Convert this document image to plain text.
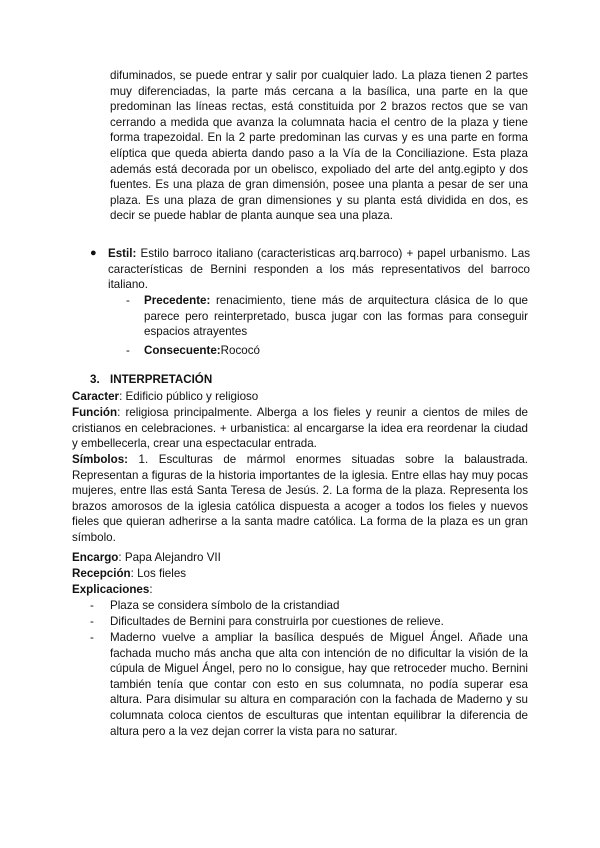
difuminados, se puede entrar y salir por cualquier lado. La plaza tienen 2 partes muy diferenciadas, la parte más cercana a la basílica, una parte en la que predominan las líneas rectas, está constituida por 2 brazos rectos que se van cerrando a medida que avanza la columnata hacia el centro de la plaza y tiene forma trapezoidal. En la 2 parte predominan las curvas y es una parte en forma elíptica que queda abierta dando paso a la Vía de la Conciliazione. Esta plaza además está decorada por un obelisco, expoliado del arte del antg.egipto y dos fuentes. Es una plaza de gran dimensión, posee una planta a pesar de ser una plaza. Es una plaza de gran dimensiones y su planta está dividida en dos, es decir se puede hablar de planta aunque sea una plaza.

● Estil: Estilo barroco italiano (caracteristicas arq.barroco) + papel urbanismo. Las características de Bernini responden a los más representativos del barroco italiano.
-	Precedente: renacimiento, tiene más de arquitectura clásica de lo que parece pero reinterpretado, busca jugar con las formas para conseguir espacios atrayentes
-	Consecuente:Rococó
3. INTERPRETACIÓN
Caracter: Edificio público y religioso
Función: religiosa principalmente. Alberga a los fieles y reunir a cientos de miles de cristianos en celebraciones. + urbanistica: al encargarse la idea era reordenar la ciudad y embellecerla, crear una espectacular entrada.
Símbolos: 1. Esculturas de mármol enormes situadas sobre la balaustrada. Representan a figuras de la historia importantes de la iglesia. Entre ellas hay muy pocas mujeres, entre llas está Santa Teresa de Jesús. 2. La forma de la plaza. Representa los brazos amorosos de la iglesia católica dispuesta a acoger a todos los fieles y nuevos fieles que quieran adherirse a la santa madre católica. La forma de la plaza es un gran símbolo.
Encargo: Papa Alejandro VII
Recepción: Los fieles
Explicaciones:
-	Plaza se considera símbolo de la cristandiad
-	Dificultades de Bernini para construirla por cuestiones de relieve.
-	Maderno vuelve a ampliar la basílica después de Miguel Ángel. Añade una fachada mucho más ancha que alta con intención de no dificultar la visión de la cúpula de Miguel Ángel, pero no lo consigue, hay que retroceder mucho. Bernini también tenía que contar con esto en sus columnata, no podía superar esa altura. Para disimular su altura en comparación con la fachada de Maderno y su columnata coloca cientos de esculturas que intentan equilibrar la diferencia de altura pero a la vez dejan correr la vista para no saturar.
